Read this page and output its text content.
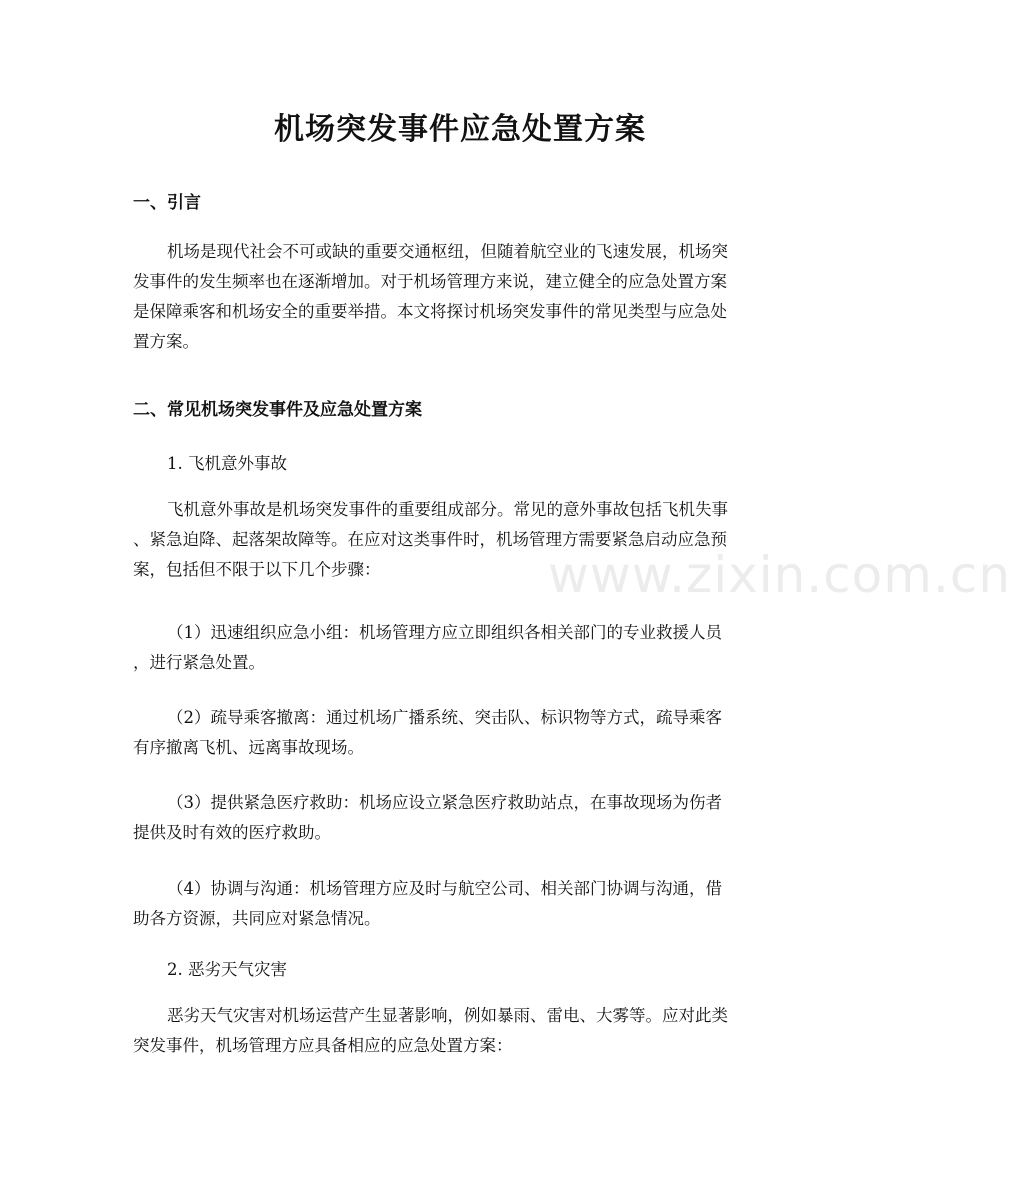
机场突发事件应急处置方案
一、引言
机场是现代社会不可或缺的重要交通枢纽，但随着航空业的飞速发展，机场突
发事件的发生频率也在逐渐增加。对于机场管理方来说，建立健全的应急处置方案
是保障乘客和机场安全的重要举措。本文将探讨机场突发事件的常见类型与应急处
置方案。
二、常见机场突发事件及应急处置方案
1. 飞机意外事故
飞机意外事故是机场突发事件的重要组成部分。常见的意外事故包括飞机失事
、紧急迫降、起落架故障等。在应对这类事件时，机场管理方需要紧急启动应急预
案，包括但不限于以下几个步骤：
（1）迅速组织应急小组：机场管理方应立即组织各相关部门的专业救援人员
，进行紧急处置。
（2）疏导乘客撤离：通过机场广播系统、突击队、标识物等方式，疏导乘客
有序撤离飞机、远离事故现场。
（3）提供紧急医疗救助：机场应设立紧急医疗救助站点，在事故现场为伤者
提供及时有效的医疗救助。
（4）协调与沟通：机场管理方应及时与航空公司、相关部门协调与沟通，借
助各方资源，共同应对紧急情况。
2. 恶劣天气灾害
恶劣天气灾害对机场运营产生显著影响，例如暴雨、雷电、大雾等。应对此类
突发事件，机场管理方应具备相应的应急处置方案：
www.zixin.com.cn
